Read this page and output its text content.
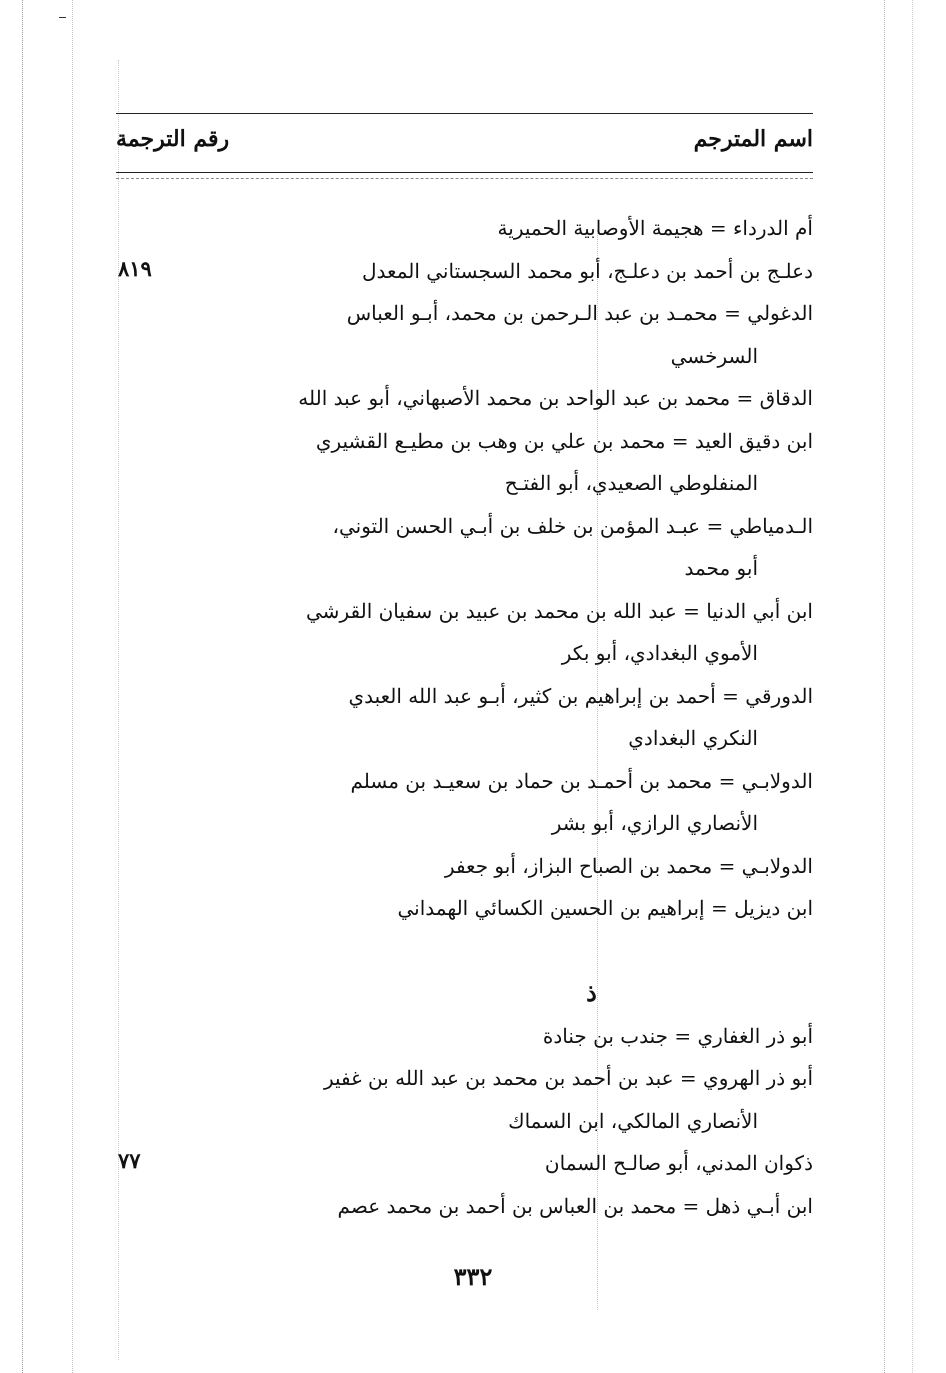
اسم المترجم
رقم الترجمة
أم الدرداء = هجيمة الأوصابية الحميرية
دعلـج بن أحمد بن دعلـج، أبو محمد السجستاني المعدل
الدغولي = محمـد بن عبد الـرحمن بن محمد، أبـو العباس
السرخسي
الدقاق = محمد بن عبد الواحد بن محمد الأصبهاني، أبو عبد الله
ابن دقيق العيد = محمد بن علي بن وهب بن مطيـع القشيري
المنفلوطي الصعيدي، أبو الفتـح
الـدمياطي = عبـد المؤمن بن خلف بن أبـي الحسن التوني،
أبو محمد
ابن أبي الدنيا = عبد الله بن محمد بن عبيد بن سفيان القرشي
الأموي البغدادي، أبو بكر
الدورقي = أحمد بن إبراهيم بن كثير، أبـو عبد الله العبدي
النكري البغدادي
الدولابـي = محمد بن أحمـد بن حماد بن سعيـد بن مسلم
الأنصاري الرازي، أبو بشر
الدولابـي = محمد بن الصباح البزاز، أبو جعفر
ابن ديزيل = إبراهيم بن الحسين الكسائي الهمداني
ذ
أبو ذر الغفاري = جندب بن جنادة
أبو ذر الهروي = عبد بن أحمد بن محمد بن عبد الله بن غفير
الأنصاري المالكي، ابن السماك
ذكوان المدني، أبو صالـح السمان
ابن أبـي ذهل = محمد بن العباس بن أحمد بن محمد عصم
٨١٩
٧٧
٣٣٢
